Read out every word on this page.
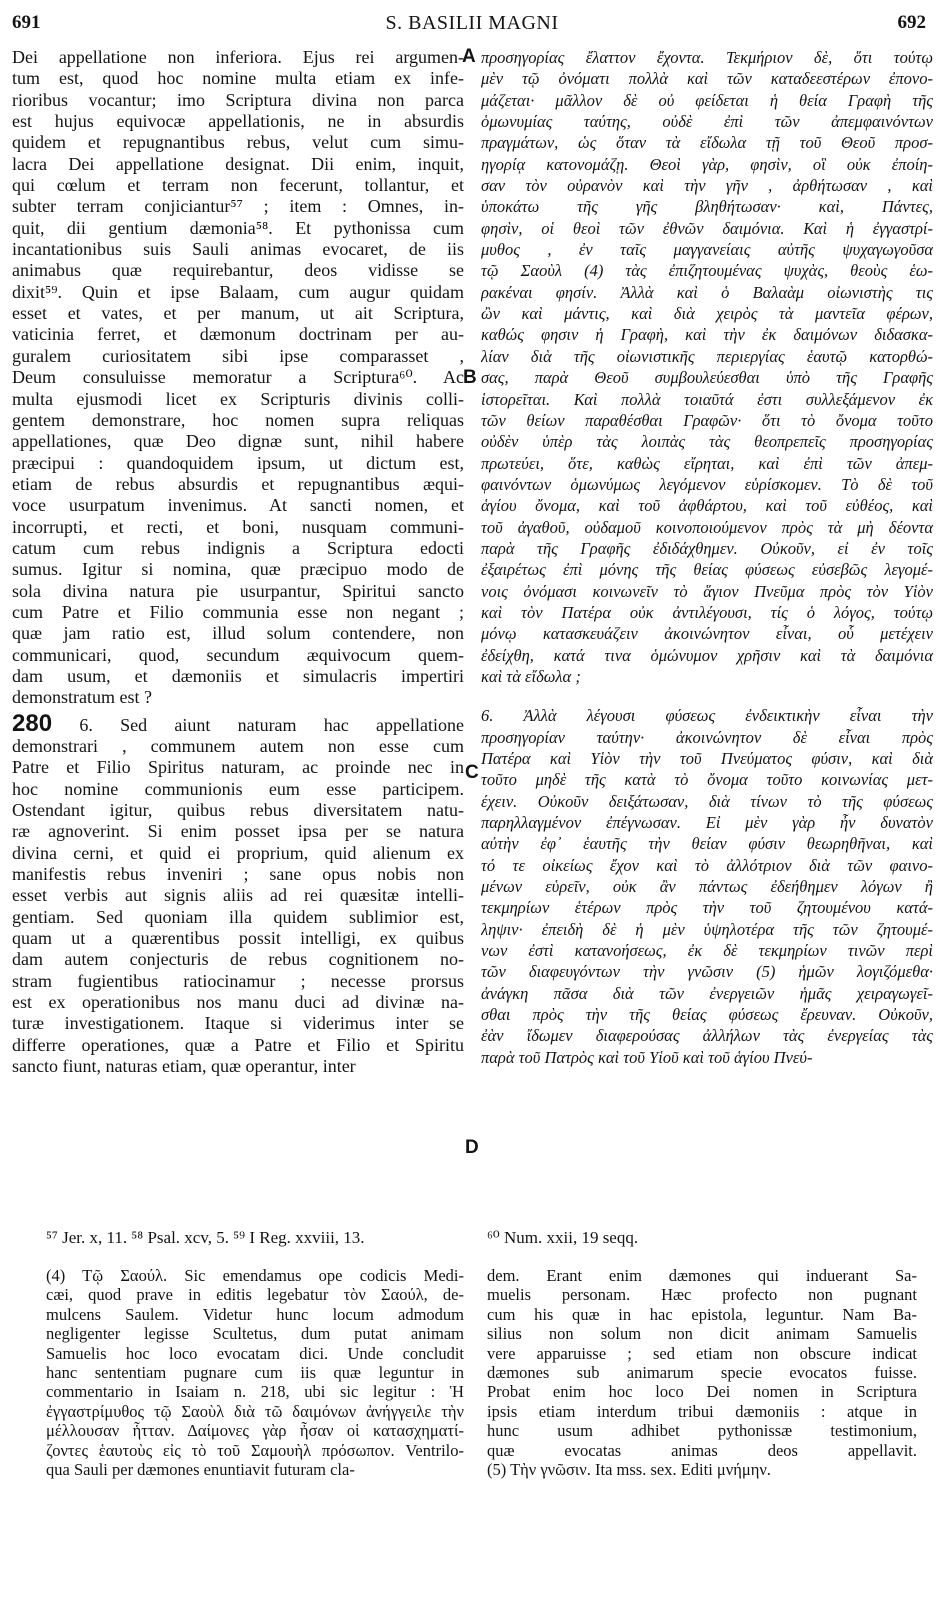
691	S. BASILII MAGNI	692
Dei appellatione non inferiora. Ejus rei argumen-
tum est, quod hoc nomine multa etiam ex infe-
rioribus vocantur; imo Scriptura divina non parca
est hujus equivocæ appellationis, ne in absurdis
quidem et repugnantibus rebus, velut cum simu-
lacra Dei appellatione designat. Dii enim, inquit,
qui cœlum et terram non fecerunt, tollantur, et
subter terram conjiciantur⁵⁷ ; item : Omnes, in-
quit, dii gentium dæmonia⁵⁸. Et pythonissa cum
incantationibus suis Sauli animas evocaret, de iis
animabus quæ requirebantur, deos vidisse se
dixit⁵⁹. Quin et ipse Balaam, cum augur quidam
esset et vates, et per manum, ut ait Scriptura,
vaticinia ferret, et dæmonum doctrinam per au-
guralem curiositatem sibi ipse comparasset ,
Deum consuluisse memoratur a Scriptura⁶⁰. Ac
multa ejusmodi licet ex Scripturis divinis colli-
gentem demonstrare, hoc nomen supra reliquas
appellationes, quæ Deo dignæ sunt, nihil habere
præcipui : quandoquidem ipsum, ut dictum est,
etiam de rebus absurdis et repugnantibus æqui-
voce usurpatum invenimus. At sancti nomen, et
incorrupti, et recti, et boni, nusquam communi-
catum cum rebus indignis a Scriptura edocti
sumus. Igitur si nomina, quæ præcipuo modo de
sola divina natura pie usurpantur, Spiritui sancto
cum Patre et Filio communia esse non negant ;
quæ jam ratio est, illud solum contendere, non
communicari, quod, secundum æquivocum quem-
dam usum, et dæmoniis et simulacris impertiri
demonstratum est ?
280 6. Sed aiunt naturam hac appellatione
demonstrari , communem autem non esse cum
Patre et Filio Spiritus naturam, ac proinde nec in
hoc nomine communionis eum esse participem.
Ostendant igitur, quibus rebus diversitatem natu-
ræ agnoverint. Si enim posset ipsa per se natura
divina cerni, et quid ei proprium, quid alienum ex
manifestis rebus inveniri ; sane opus nobis non
esset verbis aut signis aliis ad rei quæsitæ intelli-
gentiam. Sed quoniam illa quidem sublimior est,
quam ut a quærentibus possit intelligi, ex quibus
dam autem conjecturis de rebus cognitionem no-
stram fugientibus ratiocinamur ; necesse prorsus
est ex operationibus nos manu duci ad divinæ na-
turæ investigationem. Itaque si viderimus inter se
differre operationes, quæ a Patre et Filio et Spiritu
sancto fiunt, naturas etiam, quæ operantur, inter
προσηγορίας ἔλαττον ἔχοντα. Τεκμήριον δὲ, ὅτι τούτῳ
μὲν τῷ ὀνόματι πολλὰ καὶ τῶν καταδεεστέρων ἐπονο-
μάζεται· μᾶλλον δὲ οὐ φείδεται ἡ θεία Γραφὴ τῆς
ὁμωνυμίας ταύτης, οὐδὲ ἐπὶ τῶν ἀπεμφαινόντων
πραγμάτων, ὡς ὅταν τὰ εἴδωλα τῇ τοῦ Θεοῦ προσ-
ηγορίᾳ κατονομάζῃ. Θεοὶ γὰρ, φησὶν, οἳ οὐκ ἐποίη-
σαν τὸν οὐρανὸν καὶ τὴν γῆν , ἀρθήτωσαν , καὶ
ὑποκάτω τῆς γῆς βληθήτωσαν· καὶ, Πάντες,
φησὶν, οἱ θεοὶ τῶν ἐθνῶν δαιμόνια. Καὶ ἡ ἐγγαστρί-
μυθος , ἐν ταῖς μαγγανείαις αὐτῆς ψυχαγωγοῦσα
τῷ Σαοὺλ (4) τὰς ἐπιζητουμένας ψυχὰς, θεοὺς ἑω-
ρακέναι φησίν. Ἀλλὰ καὶ ὁ Βαλαὰμ οἰωνιστὴς τις
ὢν καὶ μάντις, καὶ διὰ χειρὸς τὰ μαντεῖα φέρων,
καθώς φησιν ἡ Γραφὴ, καὶ τὴν ἐκ δαιμόνων διδασκα-
λίαν διὰ τῆς οἰωνιστικῆς περιεργίας ἑαυτῷ κατορθώ-
σας, παρὰ Θεοῦ συμβουλεύεσθαι ὑπὸ τῆς Γραφῆς
ἱστορεῖται. Καὶ πολλὰ τοιαῦτά ἐστι συλλεξάμενον ἐκ
τῶν θείων παραθέσθαι Γραφῶν· ὅτι τὸ ὄνομα τοῦτο
οὐδὲν ὑπὲρ τὰς λοιπὰς τὰς θεοπρεπεῖς προσηγορίας
πρωτεύει, ὅτε, καθὼς εἴρηται, καὶ ἐπὶ τῶν ἀπεμ-
φαινόντων ὁμωνύμως λεγόμενον εὑρίσκομεν. Τὸ δὲ τοῦ
ἁγίου ὄνομα, καὶ τοῦ ἀφθάρτου, καὶ τοῦ εὐθέος, καὶ
τοῦ ἀγαθοῦ, οὐδαμοῦ κοινοποιούμενον πρὸς τὰ μὴ δέοντα
παρὰ τῆς Γραφῆς ἐδιδάχθημεν. Οὐκοῦν, εἰ ἐν τοῖς
ἐξαιρέτως ἐπὶ μόνης τῆς θείας φύσεως εὐσεβῶς λεγομέ-
νοις ὀνόμασι κοινωνεῖν τὸ ἅγιον Πνεῦμα πρὸς τὸν Υἱὸν
καὶ τὸν Πατέρα οὐκ ἀντιλέγουσι, τίς ὁ λόγος, τούτῳ
μόνῳ κατασκευάζειν ἀκοινώνητον εἶναι, οὗ μετέχειν
ἐδείχθη, κατά τινα ὁμώνυμον χρῆσιν καὶ τὰ δαιμόνια
καὶ τὰ εἴδωλα ;
6. Ἀλλὰ λέγουσι φύσεως ἐνδεικτικὴν εἶναι τὴν
προσηγορίαν ταύτην· ἀκοινώνητον δὲ εἶναι πρὸς
Πατέρα καὶ Υἱὸν τὴν τοῦ Πνεύματος φύσιν, καὶ διὰ
τοῦτο μηδὲ τῆς κατὰ τὸ ὄνομα τοῦτο κοινωνίας μετ-
έχειν. Οὐκοῦν δειξάτωσαν, διὰ τίνων τὸ τῆς φύσεως
παρηλλαγμένον ἐπέγνωσαν. Εἰ μὲν γὰρ ἦν δυνατὸν
αὐτὴν ἐφ᾽ ἑαυτῆς τὴν θείαν φύσιν θεωρηθῆναι, καὶ
τό τε οἰκείως ἔχον καὶ τὸ ἀλλότριον διὰ τῶν φαινο-
μένων εὑρεῖν, οὐκ ἂν πάντως ἐδεήθημεν λόγων ἢ
τεκμηρίων ἑτέρων πρὸς τὴν τοῦ ζητουμένου κατά-
ληψιν· ἐπειδὴ δὲ ἡ μὲν ὑψηλοτέρα τῆς τῶν ζητουμέ-
νων ἐστὶ κατανοήσεως, ἐκ δὲ τεκμηρίων τινῶν περὶ
τῶν διαφευγόντων τὴν γνῶσιν (5) ἡμῶν λογιζόμεθα·
ἀνάγκη πᾶσα διὰ τῶν ἐνεργειῶν ἡμᾶς χειραγωγεῖ-
σθαι πρὸς τὴν τῆς θείας φύσεως ἔρευναν. Οὐκοῦν,
ἐὰν ἴδωμεν διαφερούσας ἀλλήλων τὰς ἐνεργείας τὰς
παρὰ τοῦ Πατρὸς καὶ τοῦ Υἱοῦ καὶ τοῦ ἁγίου Πνεύ-
A
B
C
D
⁵⁷ Jer. x, 11. ⁵⁸ Psal. xcv, 5. ⁵⁹ I Reg. xxviii, 13.	⁶⁰ Num. xxii, 19 seqq.
(4) Τῷ Σαούλ. Sic emendamus ope codicis Medi-
cæi, quod prave in editis legebatur τὸν Σαούλ, de-
mulcens Saulem. Videtur hunc locum admodum
negligenter legisse Scultetus, dum putat animam
Samuelis hoc loco evocatam dici. Unde concludit
hanc sententiam pugnare cum iis quæ leguntur in
commentario in Isaiam n. 218, ubi sic legitur : Ἡ
ἐγγαστρίμυθος τῷ Σαοὺλ διὰ τῶ δαιμόνων ἀνήγγειλε τὴν
μέλλουσαν ἧτταν. Δαίμονες γὰρ ἦσαν οἱ κατασχηματί-
ζοντες ἑαυτοὺς εἰς τὸ τοῦ Σαμουὴλ πρόσωπον. Ventrilo-
qua Sauli per dæmones enuntiavit futuram cla-
dem. Erant enim dæmones qui induerant Sa-
muelis personam. Hæc profecto non pugnant
cum his quæ in hac epistola, leguntur. Nam Ba-
silius non solum non dicit animam Samuelis
vere apparuisse ; sed etiam non obscure indicat
dæmones sub animarum specie evocatos fuisse.
Probat enim hoc loco Dei nomen in Scriptura
ipsis etiam interdum tribui dæmoniis : atque in
hunc usum adhibet pythonissæ testimonium,
quæ evocatas animas deos appellavit.
(5) Τὴν γνῶσιν. Ita mss. sex. Editi μνήμην.
